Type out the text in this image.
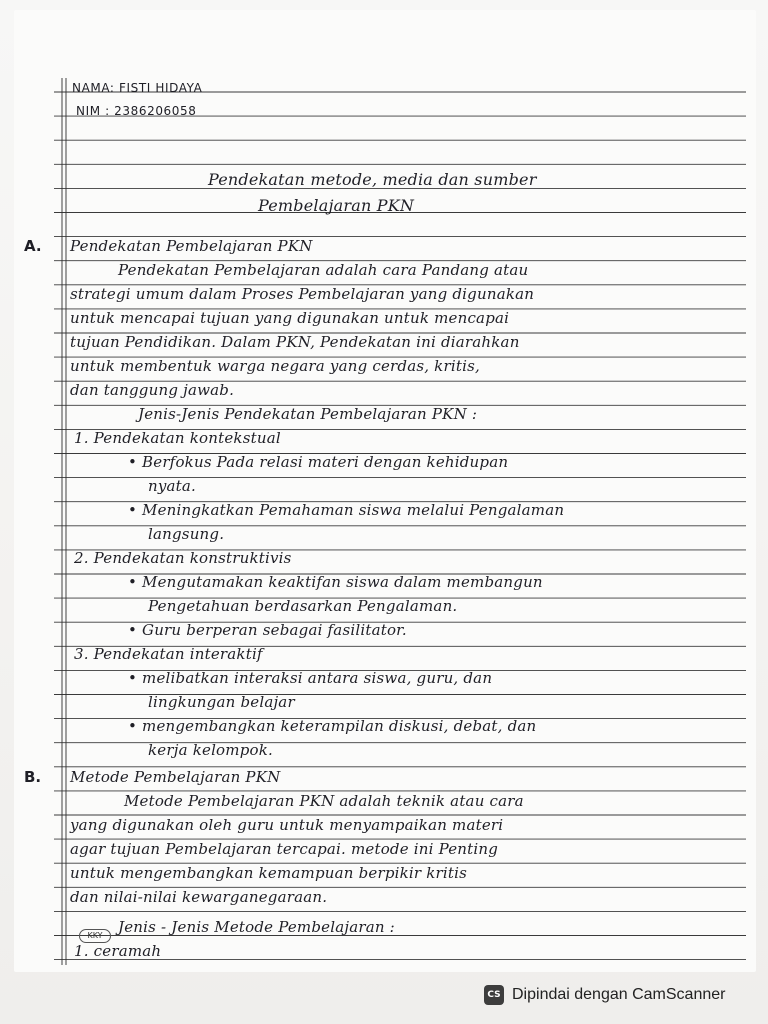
NAMA: FISTI HIDAYA
NIM : 2386206058
Pendekatan metode, media dan sumber
Pembelajaran PKN
A. Pendekatan Pembelajaran PKN
Pendekatan Pembelajaran adalah cara Pandang atau
strategi umum dalam Proses Pembelajaran yang digunakan
untuk mencapai tujuan yang digunakan untuk mencapai
tujuan Pendidikan. Dalam PKN, Pendekatan ini diarahkan
untuk membentuk warga negara yang cerdas, kritis,
dan tanggung jawab.
Jenis-Jenis Pendekatan Pembelajaran PKN :
1. Pendekatan kontekstual
• Berfokus Pada relasi materi dengan kehidupan
nyata.
• Meningkatkan Pemahaman siswa melalui Pengalaman
langsung.
2. Pendekatan konstruktivis
• Mengutamakan keaktifan siswa dalam membangun
Pengetahuan berdasarkan Pengalaman.
• Guru berperan sebagai fasilitator.
3. Pendekatan interaktif
• melibatkan interaksi antara siswa, guru, dan
lingkungan belajar
• mengembangkan keterampilan diskusi, debat, dan
kerja kelompok.
B. Metode Pembelajaran PKN
Metode Pembelajaran PKN adalah teknik atau cara
yang digunakan oleh guru untuk menyampaikan materi
agar tujuan Pembelajaran tercapai. metode ini Penting
untuk mengembangkan kemampuan berpikir kritis
dan nilai-nilai kewarganegaraan.
Jenis - Jenis Metode Pembelajaran :
1. ceramah
KKY
CS Dipindai dengan CamScanner
